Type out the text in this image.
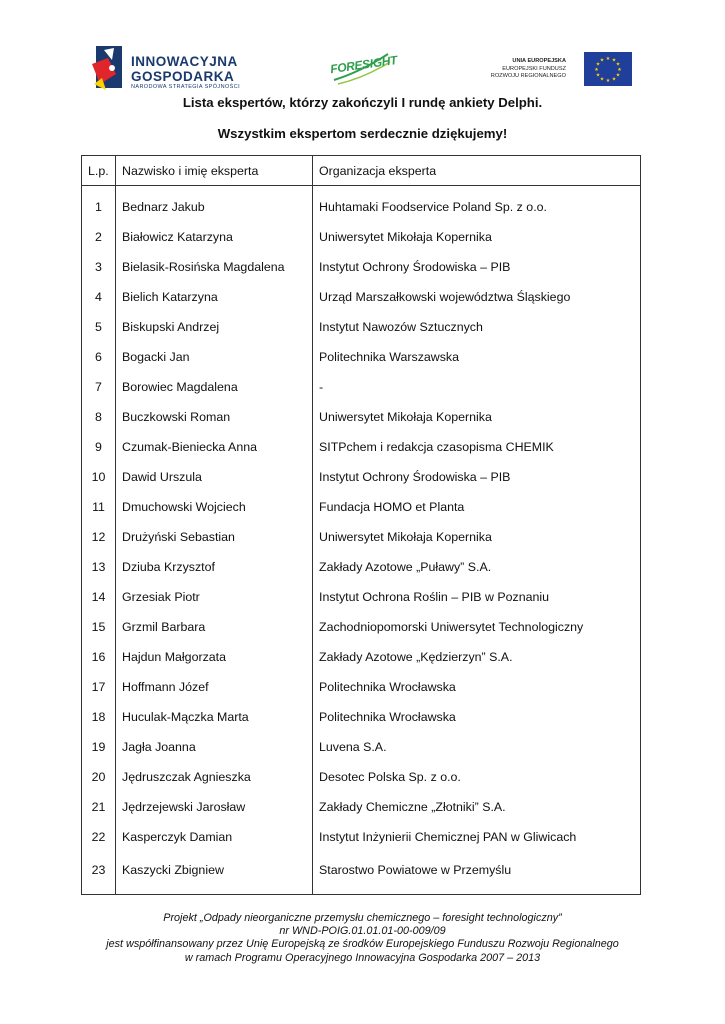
INNOWACYJNA
GOSPODARKA
NARODOWA STRATEGIA SPÓJNOŚCI
FORESIGHT	UNIA EUROPEJSKA
EUROPEJSKI FUNDUSZ
ROZWOJU REGIONALNEGO
★ ★
★
★
★
★
★
★
★
★
★
★
Lista ekspertów, którzy zakończyli I rundę ankiety Delphi.
Wszystkim ekspertom serdecznie dziękujemy!
L.p.	Nazwisko i imię eksperta	Organizacja eksperta
1	Bednarz Jakub	Huhtamaki Foodservice Poland Sp. z o.o.
2	Białowicz Katarzyna	Uniwersytet Mikołaja Kopernika
3	Bielasik-Rosińska Magdalena	Instytut Ochrony Środowiska – PIB
4	Bielich Katarzyna	Urząd Marszałkowski województwa Śląskiego
5	Biskupski Andrzej	Instytut Nawozów Sztucznych
6	Bogacki Jan	Politechnika Warszawska
7	Borowiec Magdalena	-
8	Buczkowski Roman	Uniwersytet Mikołaja Kopernika
9	Czumak-Bieniecka Anna	SITPchem i redakcja czasopisma CHEMIK
10	Dawid Urszula	Instytut Ochrony Środowiska – PIB
11	Dmuchowski Wojciech	Fundacja HOMO et Planta
12	Drużyński Sebastian	Uniwersytet Mikołaja Kopernika
13	Dziuba Krzysztof	Zakłady Azotowe „Puławy” S.A.
14	Grzesiak Piotr	Instytut Ochrona Roślin – PIB w Poznaniu
15	Grzmil Barbara	Zachodniopomorski Uniwersytet Technologiczny
16	Hajdun Małgorzata	Zakłady Azotowe „Kędzierzyn” S.A.
17	Hoffmann Józef	Politechnika Wrocławska
18	Huculak-Mączka Marta	Politechnika Wrocławska
19	Jagła Joanna	Luvena S.A.
20	Jędruszczak Agnieszka	Desotec Polska Sp. z o.o.
21	Jędrzejewski Jarosław	Zakłady Chemiczne „Złotniki” S.A.
22	Kasperczyk Damian	Instytut Inżynierii Chemicznej PAN w Gliwicach
23	Kaszycki Zbigniew	Starostwo Powiatowe w Przemyślu
Projekt „Odpady nieorganiczne przemysłu chemicznego – foresight technologiczny”
nr WND-POIG.01.01.01-00-009/09
jest współfinansowany przez Unię Europejską ze środków Europejskiego Funduszu Rozwoju Regionalnego
w ramach Programu Operacyjnego Innowacyjna Gospodarka 2007 – 2013
